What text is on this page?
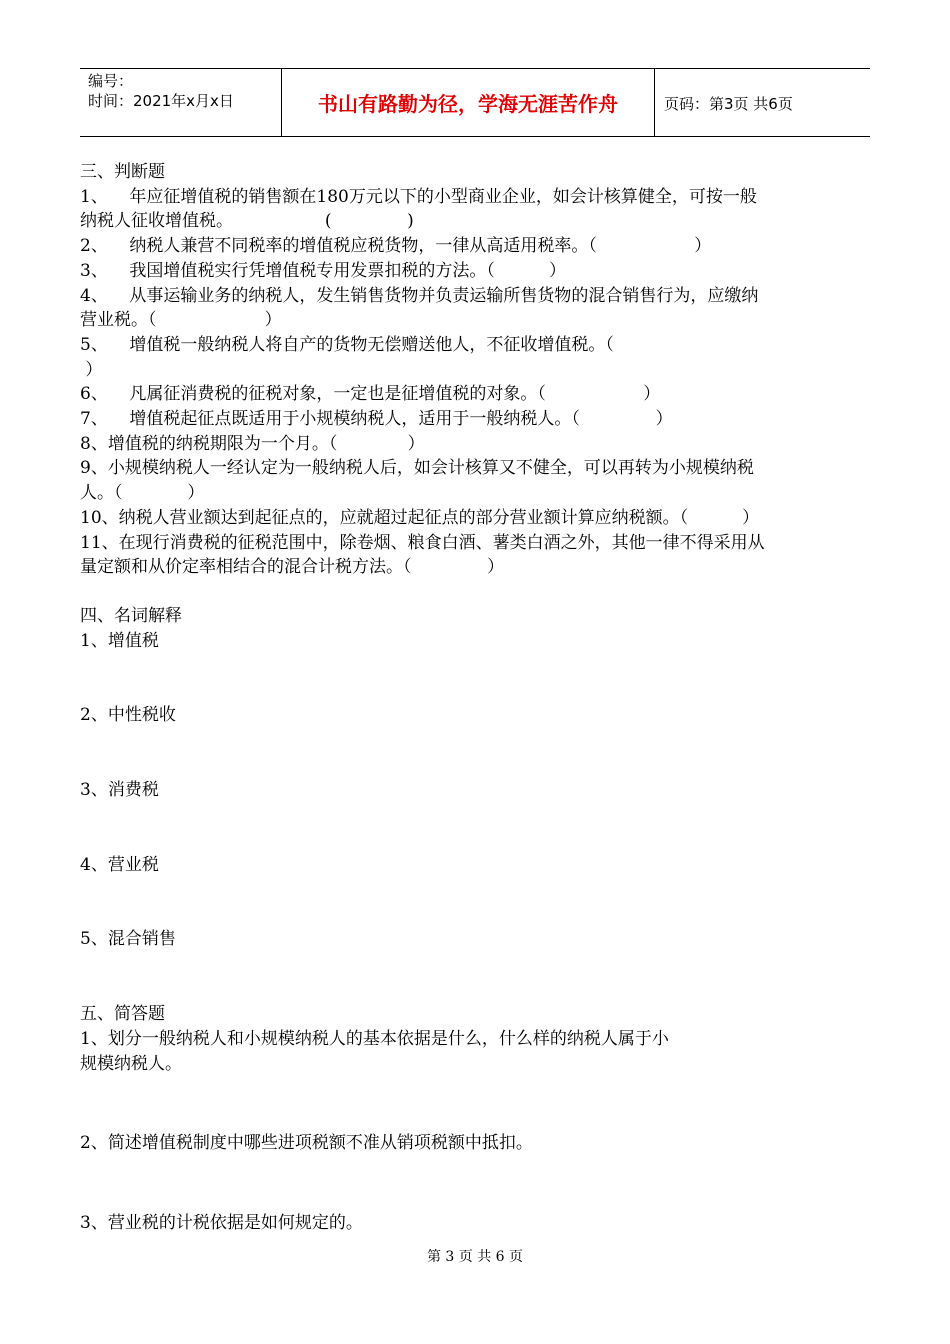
编号：
时间：2021年x月x日	书山有路勤为径，学海无涯苦作舟	页码：第3页 共6页
三、判断题
1、    年应征增值税的销售额在180万元以下的小型商业企业，如会计核算健全，可按一般
纳税人征收增值税。                 (              )
2、    纳税人兼营不同税率的增值税应税货物，一律从高适用税率。（                  ）
3、    我国增值税实行凭增值税专用发票扣税的方法。（          ）
4、    从事运输业务的纳税人，发生销售货物并负责运输所售货物的混合销售行为，应缴纳
营业税。（                    ）
5、    增值税一般纳税人将自产的货物无偿赠送他人，不征收增值税。（
）
6、    凡属征消费税的征税对象，一定也是征增值税的对象。（                  ）
7、    增值税起征点既适用于小规模纳税人，适用于一般纳税人。（              ）
8、增值税的纳税期限为一个月。（             ）
9、小规模纳税人一经认定为一般纳税人后，如会计核算又不健全，可以再转为小规模纳税
人。（            ）
10、纳税人营业额达到起征点的，应就超过起征点的部分营业额计算应纳税额。（          ）
11、在现行消费税的征税范围中，除卷烟、粮食白酒、薯类白酒之外，其他一律不得采用从
量定额和从价定率相结合的混合计税方法。（              ）
四、名词解释
1、增值税
2、中性税收
3、消费税
4、营业税
5、混合销售
五、简答题
1、划分一般纳税人和小规模纳税人的基本依据是什么，什么样的纳税人属于小
规模纳税人。
2、简述增值税制度中哪些进项税额不准从销项税额中抵扣。
3、营业税的计税依据是如何规定的。
第 3 页 共 6 页
